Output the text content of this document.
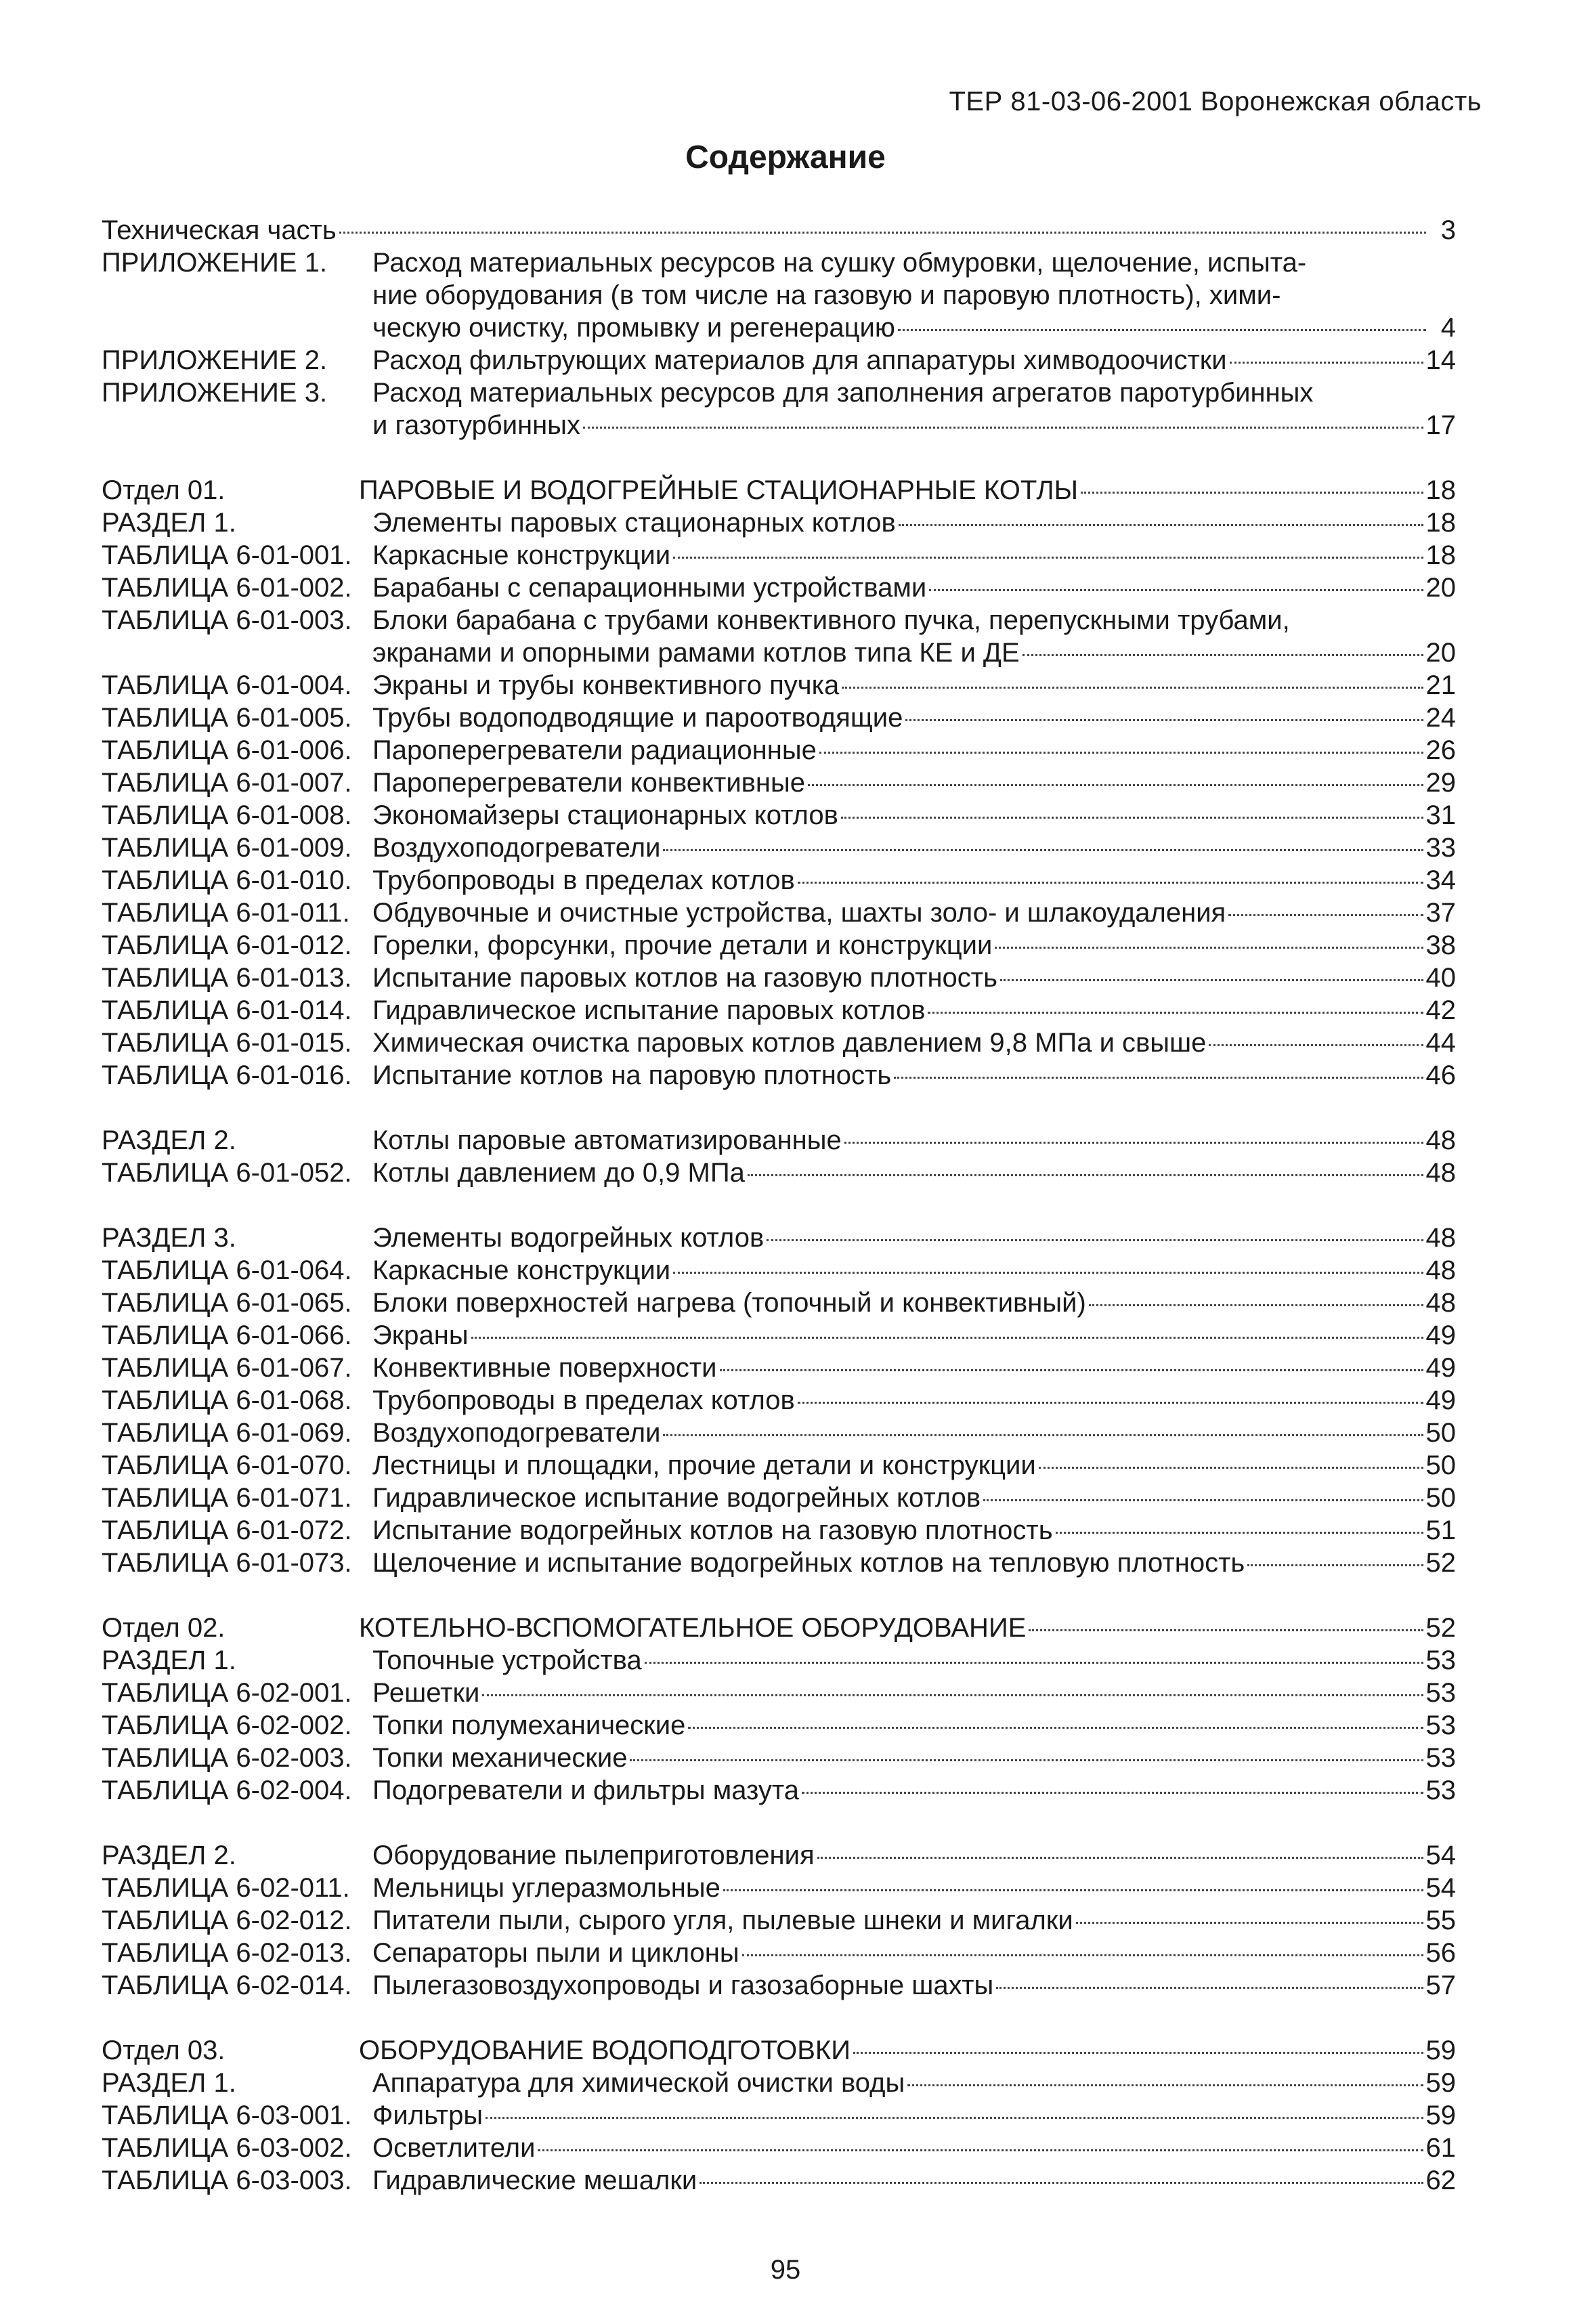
ТЕР 81-03-06-2001 Воронежская область
Содержание
Техническая часть	3
ПРИЛОЖЕНИЕ 1.	Расход материальных ресурсов на сушку обмуровки, щелочение, испыта-
ние оборудования (в том числе на газовую и паровую плотность), хими-
ческую очистку, промывку и регенерацию	4
ПРИЛОЖЕНИЕ 2.	Расход фильтрующих материалов для аппаратуры химводоочистки	14
ПРИЛОЖЕНИЕ 3.	Расход материальных ресурсов для заполнения агрегатов паротурбинных
и газотурбинных	17
Отдел 01.	ПАРОВЫЕ И ВОДОГРЕЙНЫЕ СТАЦИОНАРНЫЕ КОТЛЫ	18
РАЗДЕЛ 1.	Элементы паровых стационарных котлов	18
ТАБЛИЦА 6-01-001. Каркасные конструкции	18
ТАБЛИЦА 6-01-002. Барабаны с сепарационными устройствами	20
ТАБЛИЦА 6-01-003. Блоки барабана с трубами конвективного пучка, перепускными трубами,
экранами и опорными рамами котлов типа КЕ и ДЕ	20
ТАБЛИЦА 6-01-004. Экраны и трубы конвективного пучка	21
ТАБЛИЦА 6-01-005. Трубы водоподводящие и пароотводящие	24
ТАБЛИЦА 6-01-006. Пароперегреватели радиационные	26
ТАБЛИЦА 6-01-007. Пароперегреватели конвективные	29
ТАБЛИЦА 6-01-008. Экономайзеры стационарных котлов	31
ТАБЛИЦА 6-01-009. Воздухоподогреватели	33
ТАБЛИЦА 6-01-010. Трубопроводы в пределах котлов	34
ТАБЛИЦА 6-01-011. Обдувочные и очистные устройства, шахты золо- и шлакоудаления	37
ТАБЛИЦА 6-01-012. Горелки, форсунки, прочие детали и конструкции	38
ТАБЛИЦА 6-01-013. Испытание паровых котлов на газовую плотность	40
ТАБЛИЦА 6-01-014. Гидравлическое испытание паровых котлов	42
ТАБЛИЦА 6-01-015. Химическая очистка паровых котлов давлением 9,8 МПа и свыше	44
ТАБЛИЦА 6-01-016. Испытание котлов на паровую плотность	46
РАЗДЕЛ 2.	Котлы паровые автоматизированные	48
ТАБЛИЦА 6-01-052. Котлы давлением до 0,9 МПа	48
РАЗДЕЛ 3.	Элементы водогрейных котлов	48
ТАБЛИЦА 6-01-064. Каркасные конструкции	48
ТАБЛИЦА 6-01-065. Блоки поверхностей нагрева (топочный и конвективный)	48
ТАБЛИЦА 6-01-066. Экраны	49
ТАБЛИЦА 6-01-067. Конвективные поверхности	49
ТАБЛИЦА 6-01-068. Трубопроводы в пределах котлов	49
ТАБЛИЦА 6-01-069. Воздухоподогреватели	50
ТАБЛИЦА 6-01-070. Лестницы и площадки, прочие детали и конструкции	50
ТАБЛИЦА 6-01-071. Гидравлическое испытание водогрейных котлов	50
ТАБЛИЦА 6-01-072. Испытание водогрейных котлов на газовую плотность	51
ТАБЛИЦА 6-01-073. Щелочение и испытание водогрейных котлов на тепловую плотность	52
Отдел 02.	КОТЕЛЬНО-ВСПОМОГАТЕЛЬНОЕ ОБОРУДОВАНИЕ	52
РАЗДЕЛ 1.	Топочные устройства	53
ТАБЛИЦА 6-02-001. Решетки	53
ТАБЛИЦА 6-02-002. Топки полумеханические	53
ТАБЛИЦА 6-02-003. Топки механические	53
ТАБЛИЦА 6-02-004. Подогреватели и фильтры мазута	53
РАЗДЕЛ 2.	Оборудование пылеприготовления	54
ТАБЛИЦА 6-02-011. Мельницы углеразмольные	54
ТАБЛИЦА 6-02-012. Питатели пыли, сырого угля, пылевые шнеки и мигалки	55
ТАБЛИЦА 6-02-013. Сепараторы пыли и циклоны	56
ТАБЛИЦА 6-02-014. Пылегазовоздухопроводы и газозаборные шахты	57
Отдел 03.	ОБОРУДОВАНИЕ ВОДОПОДГОТОВКИ	59
РАЗДЕЛ 1.	Аппаратура для химической очистки воды	59
ТАБЛИЦА 6-03-001. Фильтры	59
ТАБЛИЦА 6-03-002. Осветлители	61
ТАБЛИЦА 6-03-003. Гидравлические мешалки	62
95
